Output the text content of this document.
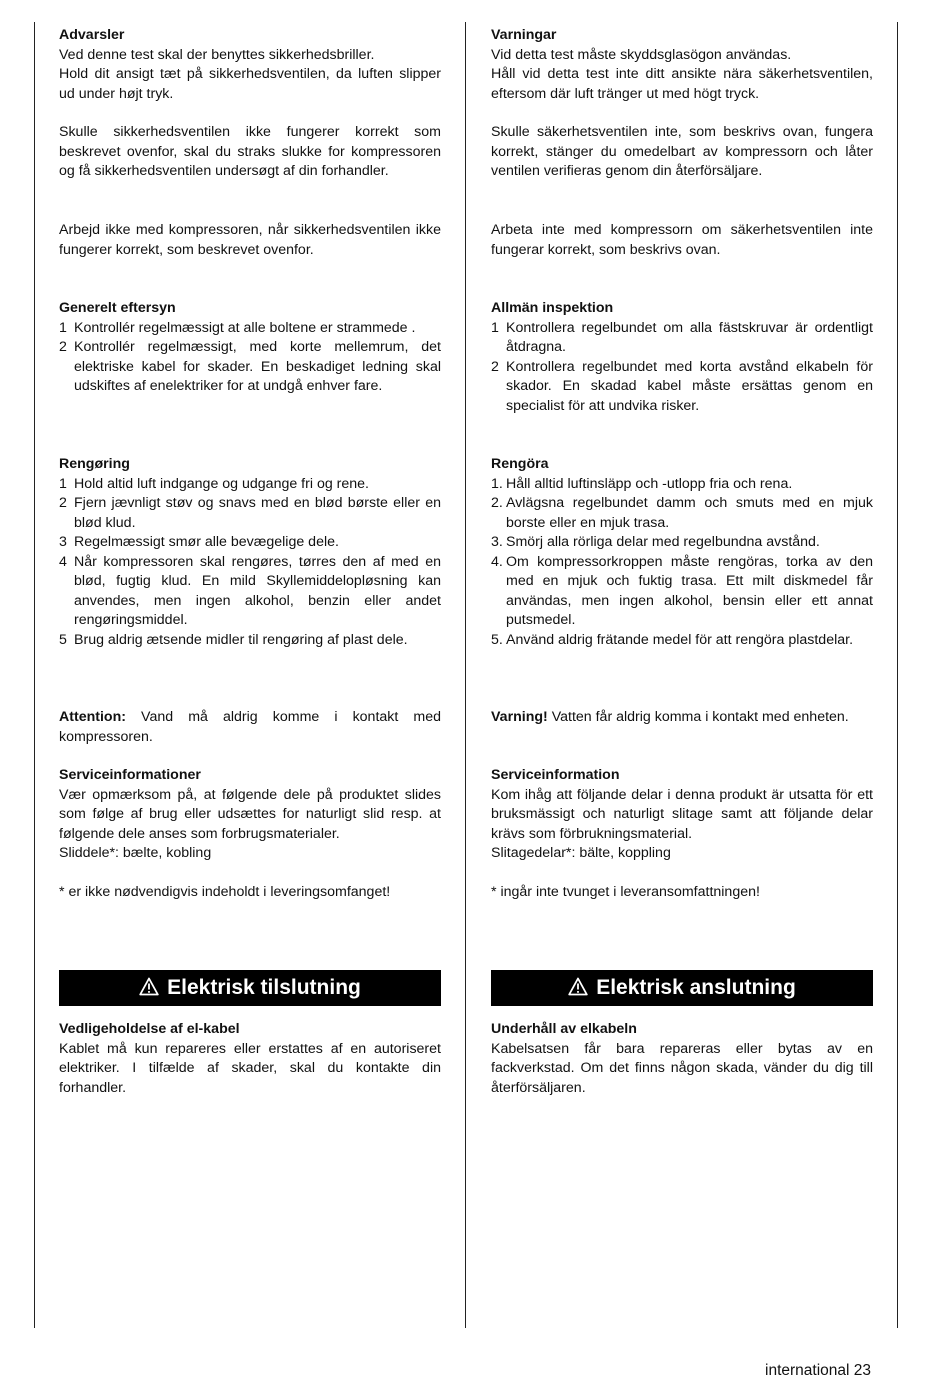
Advarsler

Ved denne test skal der benyttes sikkerhedsbriller.

Hold dit ansigt tæt på sikkerhedsventilen, da luften slipper ud under højt tryk.

Skulle sikkerhedsventilen ikke fungerer korrekt som beskrevet ovenfor, skal du straks slukke for kompressoren og få sikkerhedsventilen undersøgt af din forhandler.

Arbejd ikke med kompressoren, når sikkerhedsventilen ikke fungerer korrekt, som beskrevet ovenfor.

Generelt eftersyn

1 Kontrollér regelmæssigt at alle boltene er strammede .

2 Kontrollér regelmæssigt, med korte mellemrum, det elektriske kabel for skader. En beskadiget ledning skal udskiftes af enelektriker for at undgå enhver fare.

Rengøring

1 Hold altid luft indgange og udgange fri og rene.

2 Fjern jævnligt støv og snavs med en blød børste eller en blød klud.

3 Regelmæssigt smør alle bevægelige dele.

4 Når kompressoren skal rengøres, tørres den af med en blød, fugtig klud. En mild Skyllemiddelopløsning kan anvendes, men ingen alkohol, benzin eller andet rengøringsmiddel.

5 Brug aldrig ætsende midler til rengøring af plast dele.

Attention: Vand må aldrig komme i kontakt med kompressoren.

Serviceinformationer

Vær opmærksom på, at følgende dele på produktet slides som følge af brug eller udsættes for naturligt slid resp. at følgende dele anses som forbrugsmaterialer.

Sliddele*: bælte, kobling

* er ikke nødvendigvis indeholdt i leveringsomfanget!

Elektrisk tilslutning

Vedligeholdelse af el-kabel

Kablet må kun repareres eller erstattes af en autoriseret elektriker. I tilfælde af skader, skal du kontakte din forhandler.

Varningar

Vid detta test måste skyddsglasögon användas.

Håll vid detta test inte ditt ansikte nära säkerhetsventilen, eftersom där luft tränger ut med högt tryck.

Skulle säkerhetsventilen inte, som beskrivs ovan, fungera korrekt, stänger du omedelbart av kompressorn och låter ventilen verifieras genom din återförsäljare.

Arbeta inte med kompressorn om säkerhetsventilen inte fungerar korrekt, som beskrivs ovan.

Allmän inspektion

1 Kontrollera regelbundet om alla fästskruvar är ordentligt åtdragna.

2 Kontrollera regelbundet med korta avstånd elkabeln för skador. En skadad kabel måste ersättas genom en specialist för att undvika risker.

Rengöra

1. Håll alltid luftinsläpp och -utlopp fria och rena.

2. Avlägsna regelbundet damm och smuts med en mjuk borste eller en mjuk trasa.

3. Smörj alla rörliga delar med regelbundna avstånd.

4. Om kompressorkroppen måste rengöras, torka av den med en mjuk och fuktig trasa. Ett milt diskmedel får användas, men ingen alkohol, bensin eller ett annat putsmedel.

5. Använd aldrig frätande medel för att rengöra plastdelar.

Varning! Vatten får aldrig komma i kontakt med enheten.

Serviceinformation

Kom ihåg att följande delar i denna produkt är utsatta för ett bruksmässigt och naturligt slitage samt att följande delar krävs som förbrukningsmaterial.

Slitagedelar*: bälte, koppling

* ingår inte tvunget i leveransomfattningen!

Elektrisk anslutning

Underhåll av elkabeln

Kabelsatsen får bara repareras eller bytas av en fackverkstad. Om det finns någon skada, vänder du dig till återförsäljaren.

international 23
